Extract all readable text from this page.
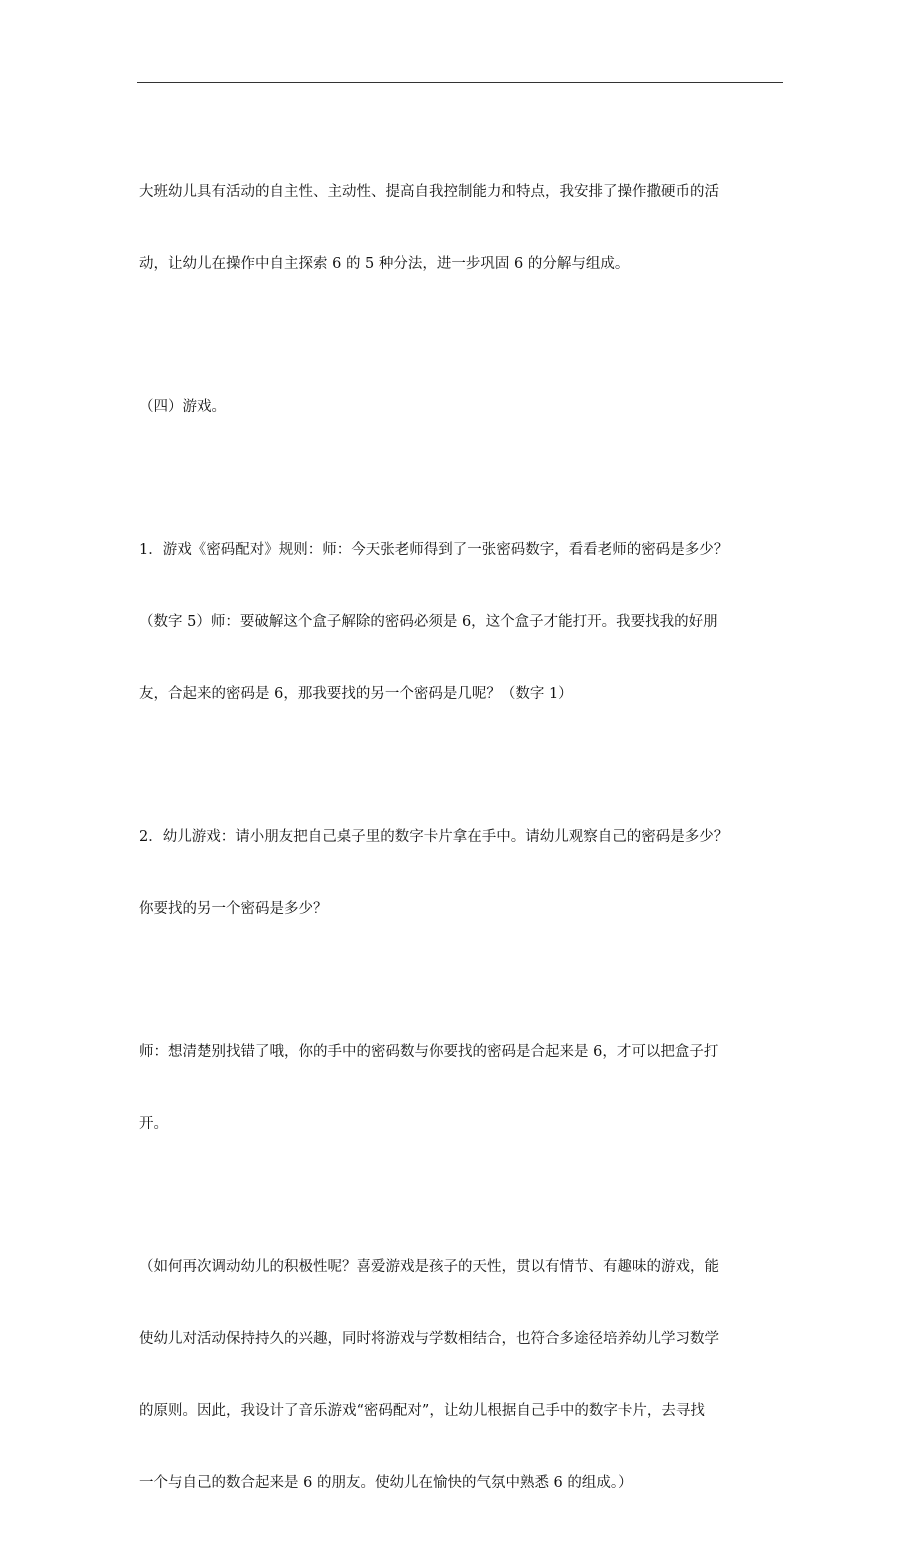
大班幼儿具有活动的自主性、主动性、提高自我控制能力和特点，我安排了操作撒硬币的活

动，让幼儿在操作中自主探索 6 的 5 种分法，进一步巩固 6 的分解与组成。

（四）游戏。

1．游戏《密码配对》规则：师：今天张老师得到了一张密码数字，看看老师的密码是多少？

（数字 5）师：要破解这个盒子解除的密码必须是 6，这个盒子才能打开。我要找我的好朋

友，合起来的密码是 6，那我要找的另一个密码是几呢？（数字 1）

2．幼儿游戏：请小朋友把自己桌子里的数字卡片拿在手中。请幼儿观察自己的密码是多少？

你要找的另一个密码是多少？

师：想清楚别找错了哦，你的手中的密码数与你要找的密码是合起来是 6，才可以把盒子打

开。

（如何再次调动幼儿的积极性呢？喜爱游戏是孩子的天性，贯以有情节、有趣味的游戏，能

使幼儿对活动保持持久的兴趣，同时将游戏与学数相结合，也符合多途径培养幼儿学习数学

的原则。因此，我设计了音乐游戏“密码配对”，让幼儿根据自己手中的数字卡片，去寻找

一个与自己的数合起来是 6 的朋友。使幼儿在愉快的气氛中熟悉 6 的组成。）
